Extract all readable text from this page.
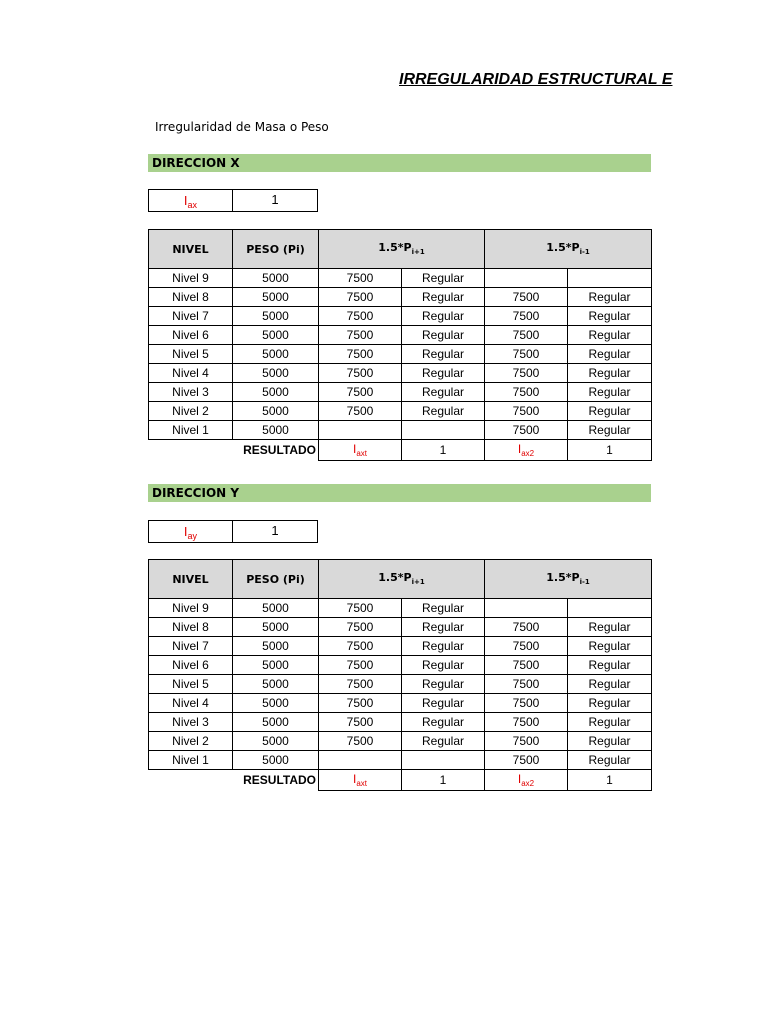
IRREGULARIDAD ESTRUCTURAL E
Irregularidad de Masa o Peso
DIRECCION X
$I_{ax}$	1
NIVEL	PESO (Pi)	$1.5*P_{i+1}$		$1.5*P_{i-1}$
Nivel 9	5000	7500	Regular		
Nivel 8	5000	7500	Regular	7500	Regular
Nivel 7	5000	7500	Regular	7500	Regular
Nivel 6	5000	7500	Regular	7500	Regular
Nivel 5	5000	7500	Regular	7500	Regular
Nivel 4	5000	7500	Regular	7500	Regular
Nivel 3	5000	7500	Regular	7500	Regular
Nivel 2	5000	7500	Regular	7500	Regular
Nivel 1	5000			7500	Regular
RESULTADO		$I_{axt}$	1	$I_{ax2}$	1
DIRECCION Y
$I_{ay}$	1
NIVEL	PESO (Pi)	$1.5*P_{i+1}$		$1.5*P_{i-1}$
Nivel 9	5000	7500	Regular		
Nivel 8	5000	7500	Regular	7500	Regular
Nivel 7	5000	7500	Regular	7500	Regular
Nivel 6	5000	7500	Regular	7500	Regular
Nivel 5	5000	7500	Regular	7500	Regular
Nivel 4	5000	7500	Regular	7500	Regular
Nivel 3	5000	7500	Regular	7500	Regular
Nivel 2	5000	7500	Regular	7500	Regular
Nivel 1	5000			7500	Regular
RESULTADO		$I_{axt}$	1	$I_{ax2}$	1
